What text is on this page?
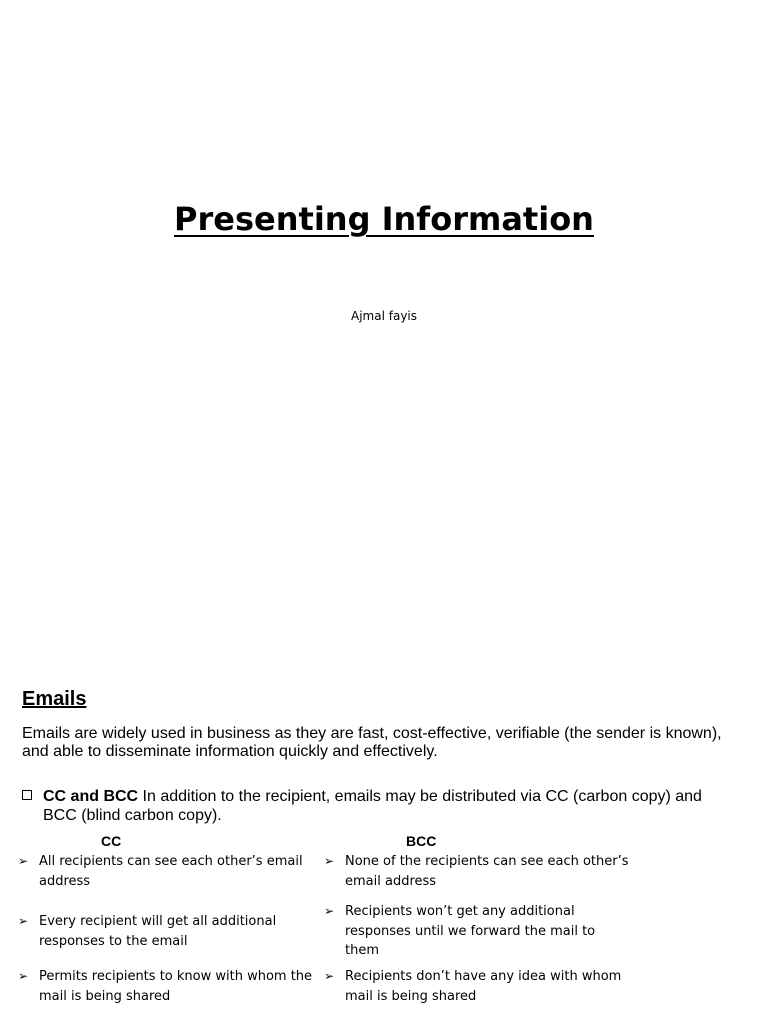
Presenting Information
Ajmal fayis
Emails
Emails are widely used in business as they are fast, cost-effective, verifiable (the sender is known), and able to disseminate information quickly and effectively.
CC and BCC In addition to the recipient, emails may be distributed via CC (carbon copy) and BCC (blind carbon copy).
CC	BCC
➢ All recipients can see each other’s email address
➢ Every recipient will get all additional responses to the email
➢ Permits recipients to know with whom the mail is being shared
➢ None of the recipients can see each other’s email address
➢ Recipients won’t get any additional responses until we forward the mail to them
➢ Recipients don’t have any idea with whom mail is being shared
